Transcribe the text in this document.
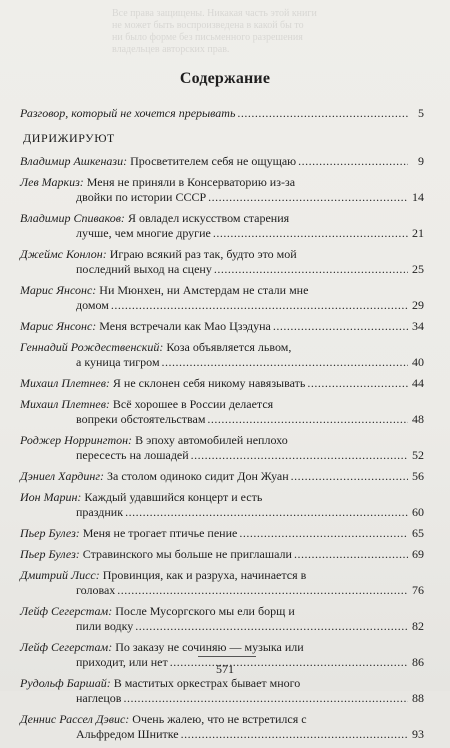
Все права защищены. Никакая часть этой книги
не может быть воспроизведена в какой бы то
ни было форме без письменного разрешения
владельцев авторских прав.
Содержание
Разговор, который не хочется прерывать .....	5
ДИРИЖИРУЮТ
Владимир Ашкенази: Просветителем себя не ощущаю .....	9
Лев Маркиз: Меня не приняли в Консерваторию из-за
двойки по истории СССР .....	14
Владимир Спиваков: Я овладел искусством старения
лучше, чем многие другие .....	21
Джеймс Конлон: Играю всякий раз так, будто это мой
последний выход на сцену .....	25
Марис Янсонс: Ни Мюнхен, ни Амстердам не стали мне
домом .....	29
Марис Янсонс: Меня встречали как Мао Цзэдуна .....	34
Геннадий Рождественский: Коза объявляется львом,
а куница тигром .....	40
Михаил Плетнев: Я не склонен себя никому навязывать .....	44
Михаил Плетнев: Всё хорошее в России делается
вопреки обстоятельствам .....	48
Роджер Норрингтон: В эпоху автомобилей неплохо
пересесть на лошадей .....	52
Дэниел Хардинг: За столом одиноко сидит Дон Жуан .....	56
Ион Марин: Каждый удавшийся концерт и есть
праздник .....	60
Пьер Булез: Меня не трогает птичье пение .....	65
Пьер Булез: Стравинского мы больше не приглашали .....	69
Дмитрий Лисс: Провинция, как и разруха, начинается в
головах .....	76
Лейф Сегерстам: После Мусоргского мы ели борщ и
пили водку .....	82
Лейф Сегерстам: По заказу не сочиняю — музыка или
приходит, или нет .....	86
Рудольф Баршай: В маститых оркестрах бывает много
наглецов .....	88
Деннис Рассел Дэвис: Очень жалею, что не встретился с
Альфредом Шнитке .....	93
571
